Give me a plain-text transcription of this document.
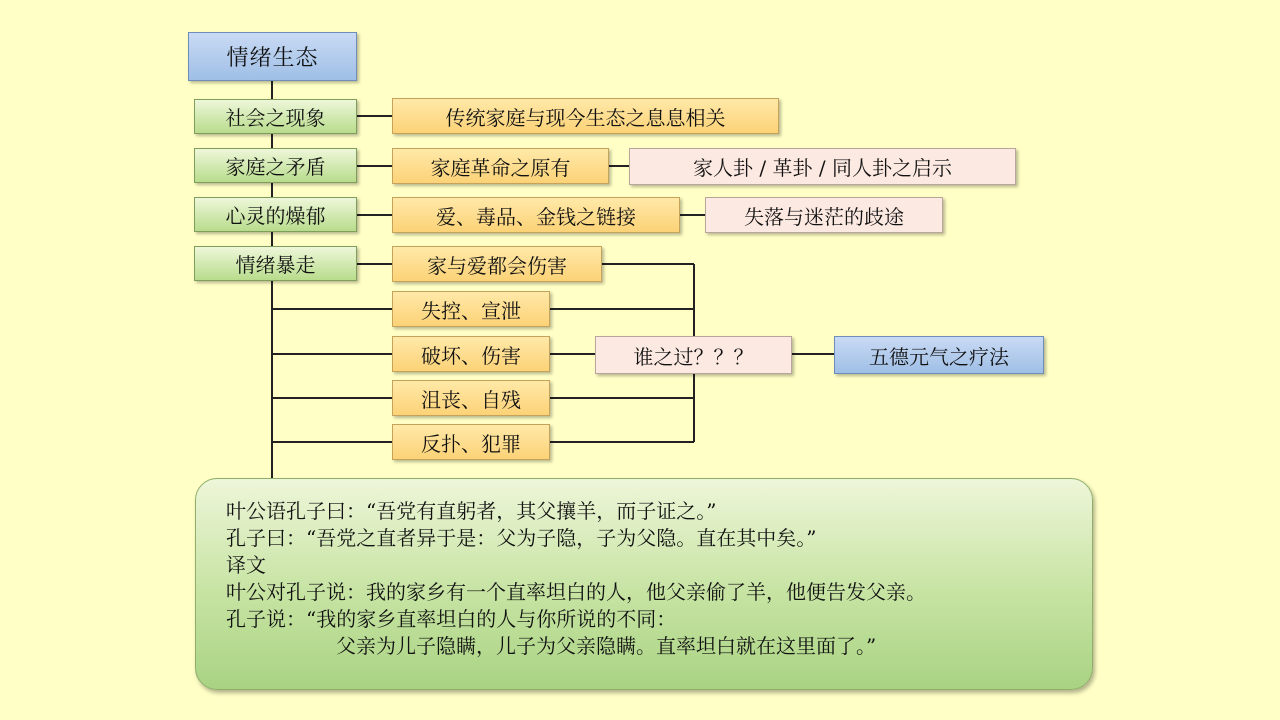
情绪生态
社会之现象
家庭之矛盾
心灵的燥郁
情绪暴走
传统家庭与现今生态之息息相关
家庭革命之原有
爱、毒品、金钱之链接
家人卦 / 革卦 / 同人卦之启示
失落与迷茫的歧途
家与爱都会伤害
失控、宣泄
破坏、伤害
沮丧、自残
反扑、犯罪
谁之过？？？	五德元气之疗法
叶公语孔子曰：“吾党有直躬者，其父攘羊，而子证之。”
孔子曰：“吾党之直者异于是：父为子隐，子为父隐。直在其中矣。”
译文
叶公对孔子说：我的家乡有一个直率坦白的人，他父亲偷了羊，他便告发父亲。
孔子说：“我的家乡直率坦白的人与你所说的不同：
父亲为儿子隐瞒，儿子为父亲隐瞒。直率坦白就在这里面了。”
